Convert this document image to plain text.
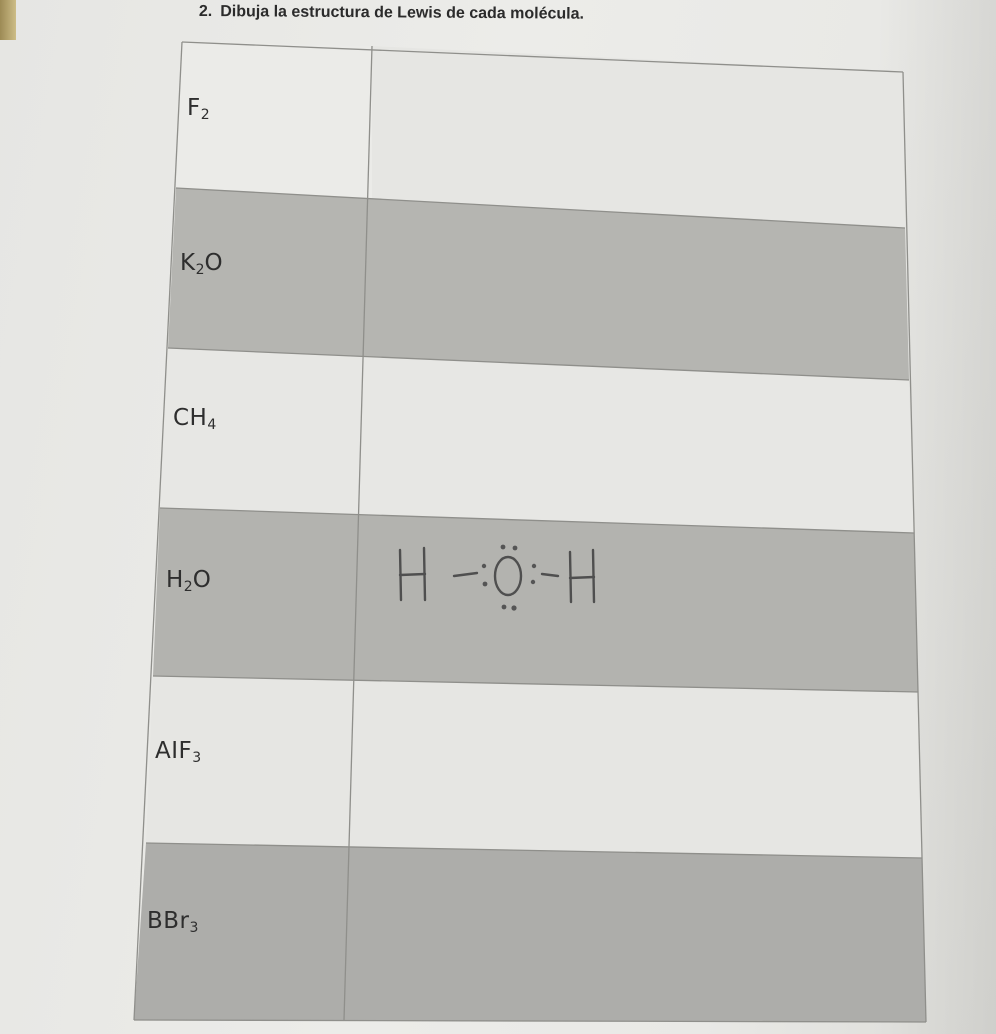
2. Dibuja la estructura de Lewis de cada molécula.
$F_2$
$K_2O$
$CH_4$
$H_2O$
$AIF_3$
BBr$_3$
